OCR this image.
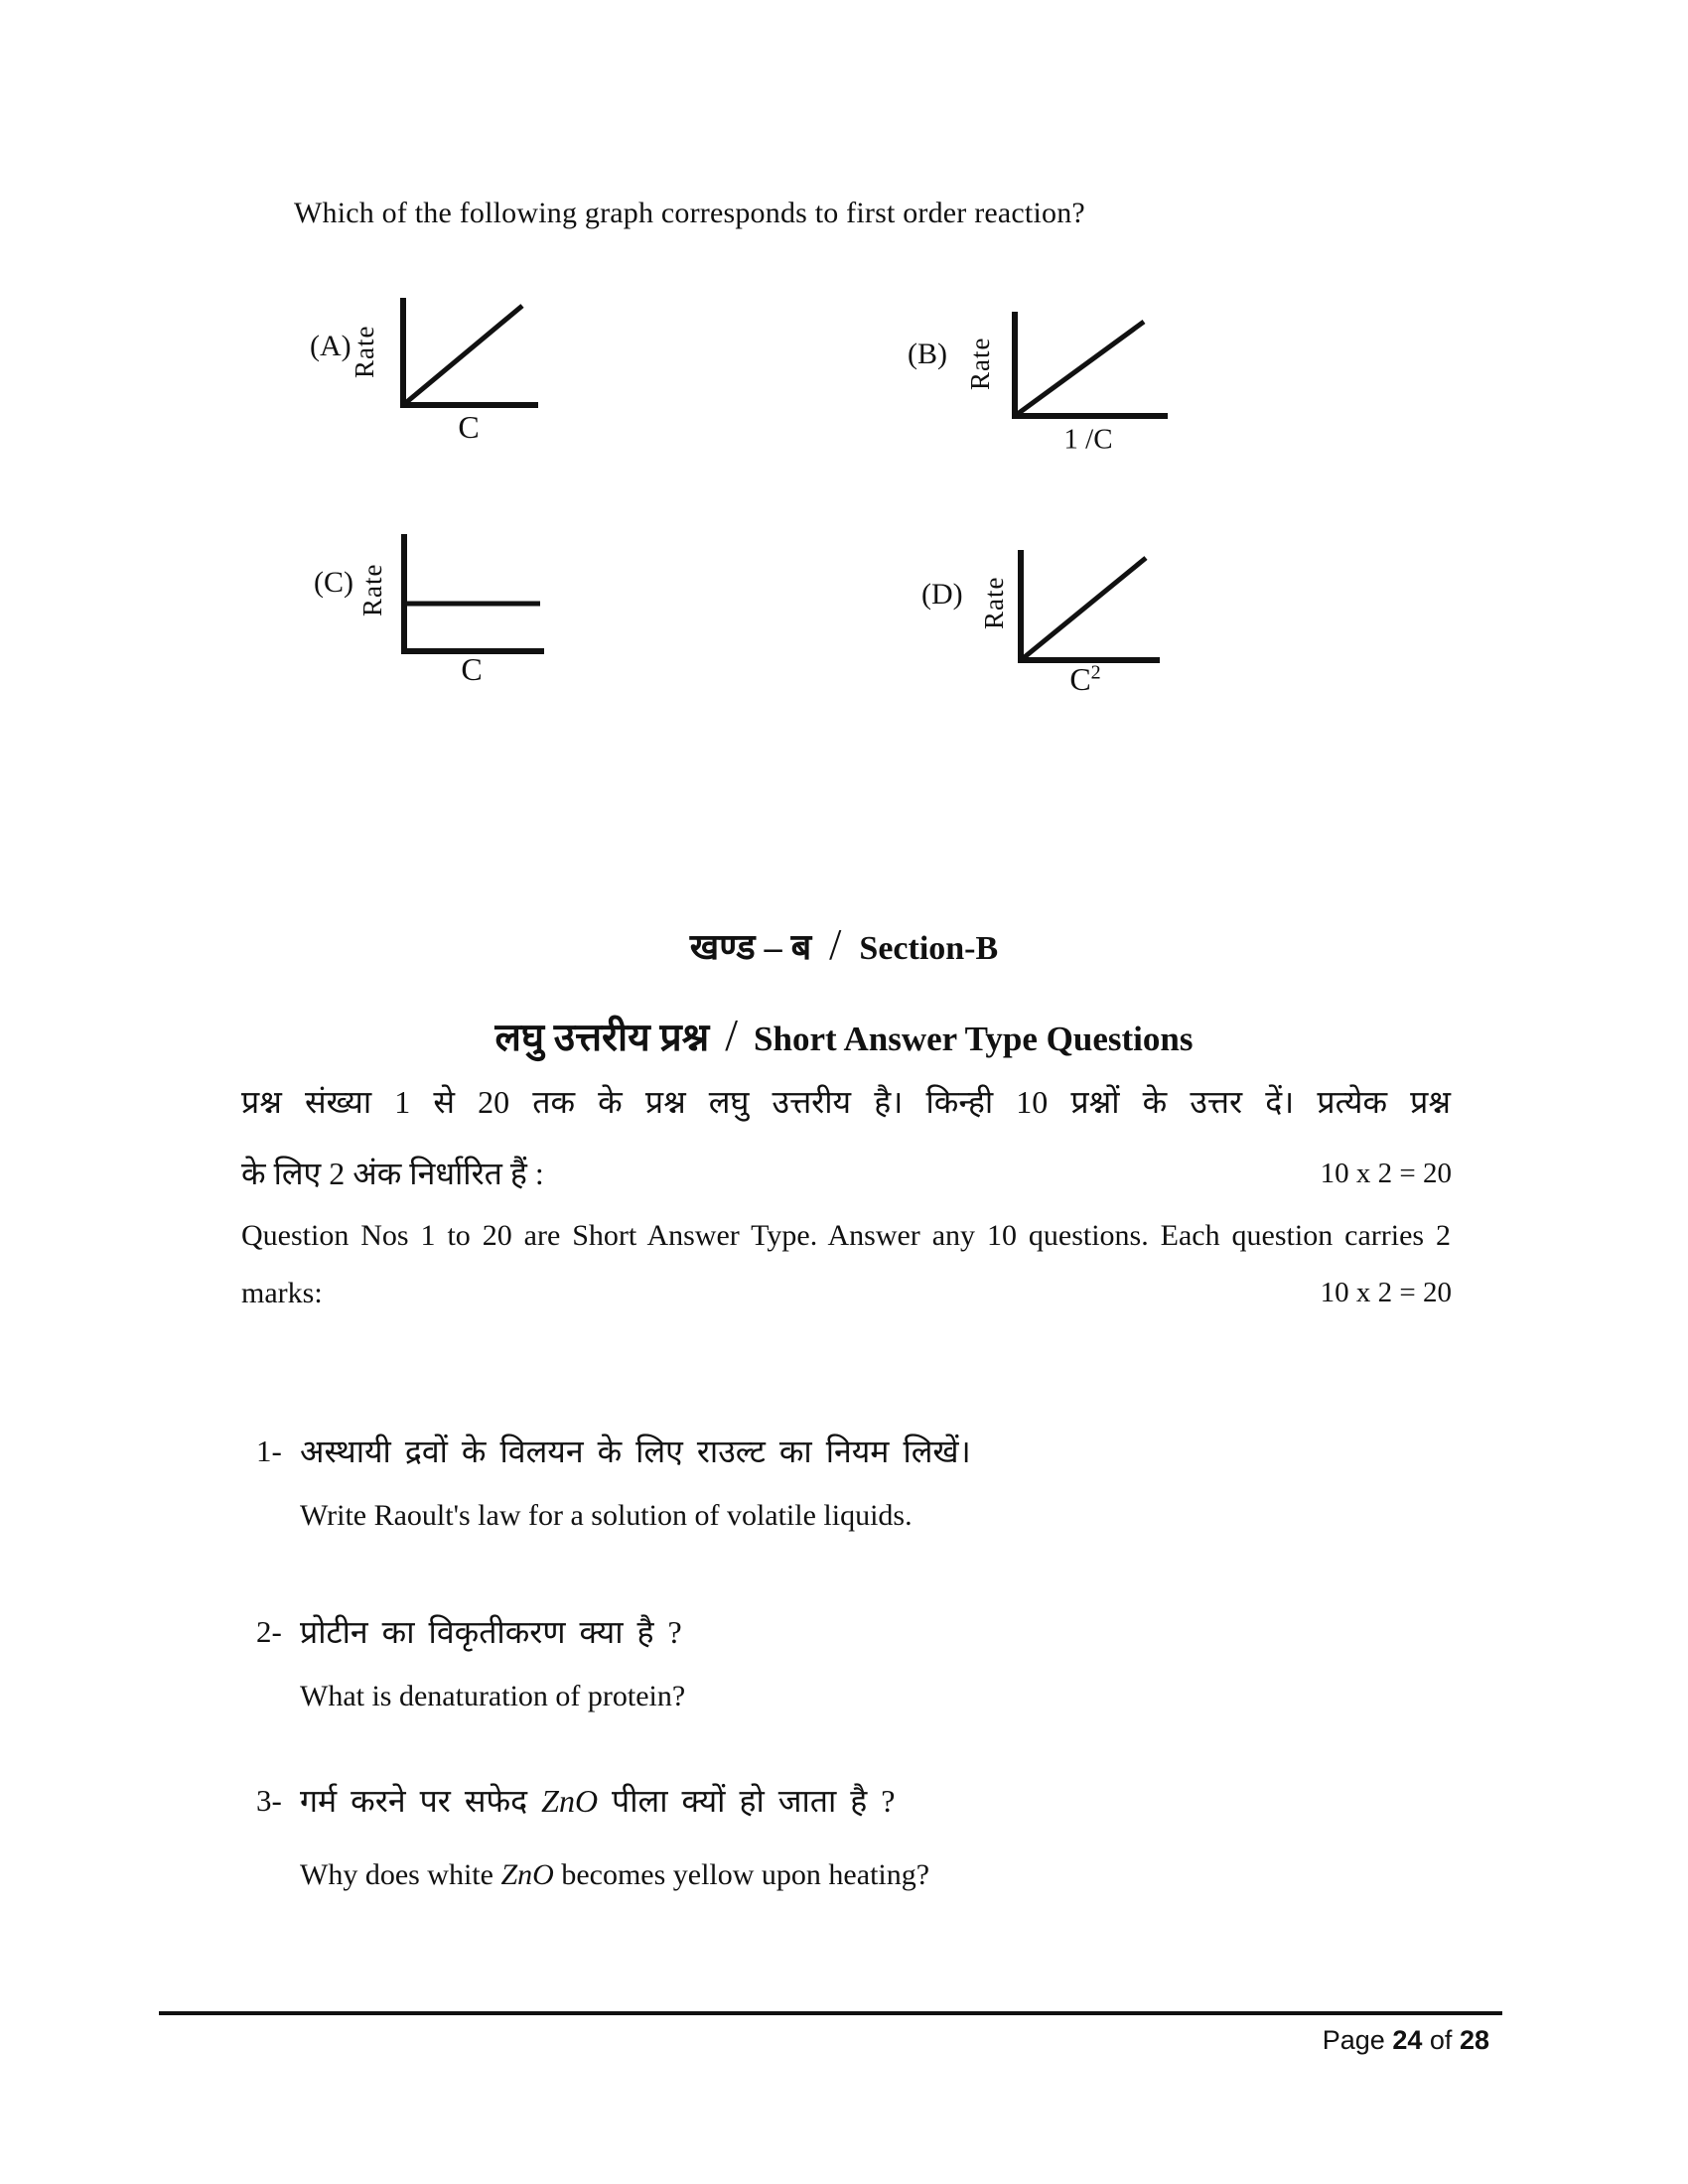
Which of the following graph corresponds to first order reaction?
(A)
Rate
C
(B) Rate
1 /C
(C) Rate
C
(D) Rate
$C^2$
खण्ड – ब / Section-B
लघु उत्तरीय प्रश्न / Short Answer Type Questions
प्रश्न संख्या 1 से 20 तक के प्रश्न लघु उत्तरीय है। किन्ही 10 प्रश्नों के उत्तर दें। प्रत्येक प्रश्न
के लिए 2 अंक निर्धारित हैं :	10 x 2 = 20
Question Nos 1 to 20 are Short Answer Type. Answer any 10 questions. Each question carries 2
marks:	10 x 2 = 20
1- अस्थायी द्रवों के विलयन के लिए राउल्ट का नियम लिखें।
Write Raoult's law for a solution of volatile liquids.
2- प्रोटीन का विकृतीकरण क्या है ?
What is denaturation of protein?
3- गर्म करने पर सफेद ZnO पीला क्यों हो जाता है ?
Why does white ZnO becomes yellow upon heating?
Page 24 of 28
